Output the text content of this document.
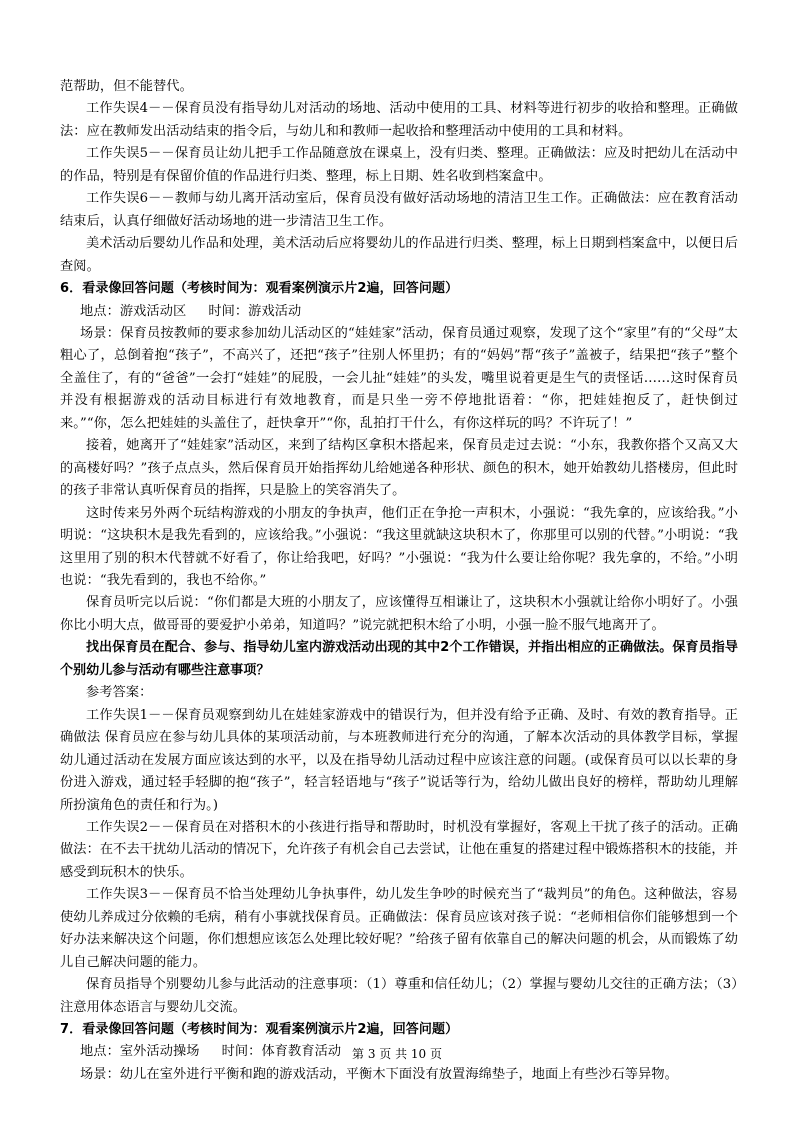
范帮助，但不能替代。

工作失误4－－保育员没有指导幼儿对活动的场地、活动中使用的工具、材料等进行初步的收拾和整理。正确做法：应在教师发出活动结束的指令后，与幼儿和和教师一起收拾和整理活动中使用的工具和材料。

工作失误5－－保育员让幼儿把手工作品随意放在课桌上，没有归类、整理。正确做法：应及时把幼儿在活动中的作品，特别是有保留价值的作品进行归类、整理，标上日期、姓名收到档案盒中。

工作失误6－－教师与幼儿离开活动室后，保育员没有做好活动场地的清洁卫生工作。正确做法：应在教育活动结束后，认真仔细做好活动场地的进一步清洁卫生工作。

美术活动后婴幼儿作品和处理，美术活动后应将婴幼儿的作品进行归类、整理，标上日期到档案盒中，以便日后查阅。

6．看录像回答问题（考核时间为：观看案例演示片2遍，回答问题）

地点：游戏活动区 时间：游戏活动

场景：保育员按教师的要求参加幼儿活动区的“娃娃家”活动，保育员通过观察，发现了这个“家里”有的“父母”太粗心了，总倒着抱“孩子”，不高兴了，还把“孩子”往别人怀里扔；有的“妈妈”帮“孩子”盖被子，结果把“孩子”整个全盖住了，有的“爸爸”一会打“娃娃”的屁股，一会儿扯“娃娃”的头发，嘴里说着更是生气的责怪话……这时保育员并没有根据游戏的活动目标进行有效地教育，而是只坐一旁不停地批语着：“你，把娃娃抱反了，赶快倒过来。”“你，怎么把娃娃的头盖住了，赶快拿开”“你，乱拍打干什么，有你这样玩的吗？不许玩了！”

接着，她离开了“娃娃家”活动区，来到了结构区拿积木搭起来，保育员走过去说：“小东，我教你搭个又高又大的高楼好吗？”孩子点点头，然后保育员开始指挥幼儿给她递各种形状、颜色的积木，她开始教幼儿搭楼房，但此时的孩子非常认真听保育员的指挥，只是脸上的笑容消失了。

这时传来另外两个玩结构游戏的小朋友的争执声，他们正在争抢一声积木，小强说：“我先拿的，应该给我。”小明说：“这块积木是我先看到的，应该给我。”小强说：“我这里就缺这块积木了，你那里可以别的代替。”小明说：“我这里用了别的积木代替就不好看了，你让给我吧，好吗？”小强说：“我为什么要让给你呢？我先拿的，不给。”小明也说：“我先看到的，我也不给你。”

保育员听完以后说：“你们都是大班的小朋友了，应该懂得互相谦让了，这块积木小强就让给你小明好了。小强你比小明大点，做哥哥的要爱护小弟弟，知道吗？”说完就把积木给了小明，小强一脸不服气地离开了。

找出保育员在配合、参与、指导幼儿室内游戏活动出现的其中2个工作错误，并指出相应的正确做法。保育员指导个别幼儿参与活动有哪些注意事项？

参考答案：

工作失误1－－保育员观察到幼儿在娃娃家游戏中的错误行为，但并没有给予正确、及时、有效的教育指导。正确做法 保育员应在参与幼儿具体的某项活动前，与本班教师进行充分的沟通，了解本次活动的具体教学目标，掌握幼儿通过活动在发展方面应该达到的水平，以及在指导幼儿活动过程中应该注意的问题。(或保育员可以以长辈的身份进入游戏，通过轻手轻脚的抱“孩子”，轻言轻语地与“孩子”说话等行为，给幼儿做出良好的榜样，帮助幼儿理解所扮演角色的责任和行为。)

工作失误2－－保育员在对搭积木的小孩进行指导和帮助时，时机没有掌握好，客观上干扰了孩子的活动。正确做法：在不去干扰幼儿活动的情况下，允许孩子有机会自己去尝试，让他在重复的搭建过程中锻炼搭积木的技能，并感受到玩积木的快乐。

工作失误3－－保育员不恰当处理幼儿争执事件，幼儿发生争吵的时候充当了“裁判员”的角色。这种做法，容易使幼儿养成过分依赖的毛病，稍有小事就找保育员。正确做法：保育员应该对孩子说：“老师相信你们能够想到一个好办法来解决这个问题，你们想想应该怎么处理比较好呢？”给孩子留有依靠自己的解决问题的机会，从而锻炼了幼儿自己解决问题的能力。

保育员指导个别婴幼儿参与此活动的注意事项：（1）尊重和信任幼儿；（2）掌握与婴幼儿交往的正确方法；（3）注意用体态语言与婴幼儿交流。

7．看录像回答问题（考核时间为：观看案例演示片2遍，回答问题）

地点：室外活动操场 时间：体育教育活动

场景：幼儿在室外进行平衡和跑的游戏活动，平衡木下面没有放置海绵垫子，地面上有些沙石等异物。

第 3 页 共 10 页
